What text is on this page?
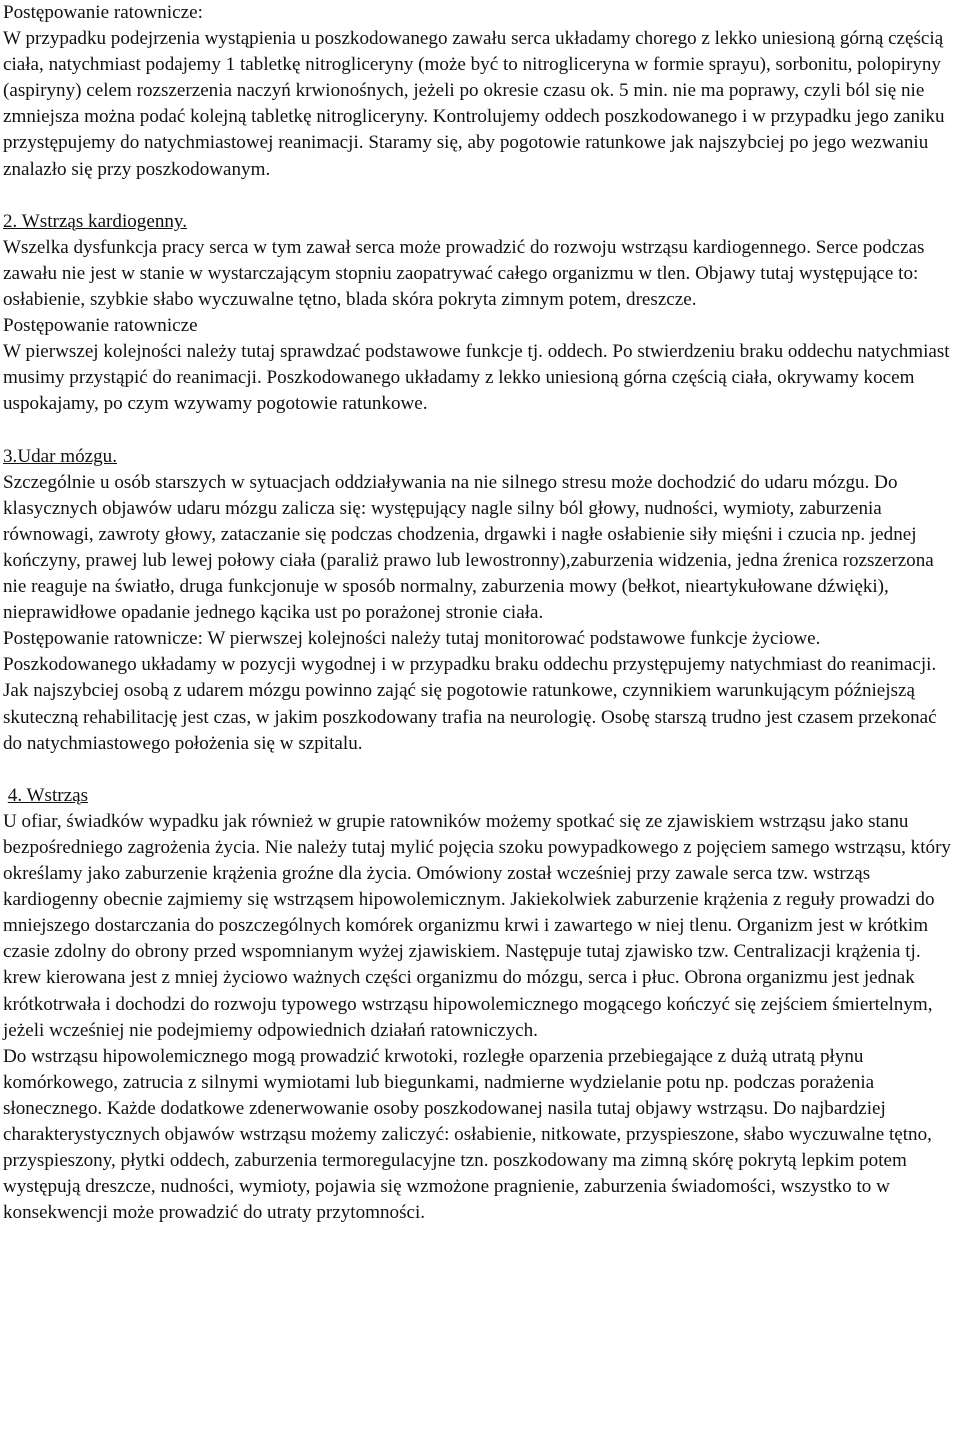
Postępowanie ratownicze:

W przypadku podejrzenia wystąpienia u poszkodowanego zawału serca układamy chorego z lekko uniesioną górną częścią ciała, natychmiast podajemy 1 tabletkę nitrogliceryny (może być to nitrogliceryna w formie sprayu), sorbonitu, polopiryny (aspiryny) celem rozszerzenia naczyń krwionośnych, jeżeli po okresie czasu ok. 5 min. nie ma poprawy, czyli ból się nie zmniejsza można podać kolejną tabletkę nitrogliceryny. Kontrolujemy oddech poszkodowanego i w przypadku jego zaniku przystępujemy do natychmiastowej reanimacji. Staramy się, aby pogotowie ratunkowe jak najszybciej po jego wezwaniu znalazło się przy poszkodowanym.

2. Wstrząs kardiogenny.

Wszelka dysfunkcja pracy serca w tym zawał serca może prowadzić do rozwoju wstrząsu kardiogennego. Serce podczas zawału nie jest w stanie w wystarczającym stopniu zaopatrywać całego organizmu w tlen. Objawy tutaj występujące to: osłabienie, szybkie słabo wyczuwalne tętno, blada skóra pokryta zimnym potem, dreszcze.

Postępowanie ratownicze

W pierwszej kolejności należy tutaj sprawdzać podstawowe funkcje tj. oddech. Po stwierdzeniu braku oddechu natychmiast musimy przystąpić do reanimacji. Poszkodowanego układamy z lekko uniesioną górna częścią ciała, okrywamy kocem uspokajamy, po czym wzywamy pogotowie ratunkowe.

3.Udar mózgu.

Szczególnie u osób starszych w sytuacjach oddziaływania na nie silnego stresu może dochodzić do udaru mózgu. Do klasycznych objawów udaru mózgu zalicza się: występujący nagle silny ból głowy, nudności, wymioty, zaburzenia równowagi, zawroty głowy, zataczanie się podczas chodzenia, drgawki i nagłe osłabienie siły mięśni i czucia np. jednej kończyny, prawej lub lewej połowy ciała (paraliż prawo lub lewostronny),zaburzenia widzenia, jedna źrenica rozszerzona nie reaguje na światło, druga funkcjonuje w sposób normalny, zaburzenia mowy (bełkot, nieartykułowane dźwięki), nieprawidłowe opadanie jednego kącika ust po porażonej stronie ciała.

Postępowanie ratownicze: W pierwszej kolejności należy tutaj monitorować podstawowe funkcje życiowe. Poszkodowanego układamy w pozycji wygodnej i w przypadku braku oddechu przystępujemy natychmiast do reanimacji. Jak najszybciej osobą z udarem mózgu powinno zająć się pogotowie ratunkowe, czynnikiem warunkującym późniejszą skuteczną rehabilitację jest czas, w jakim poszkodowany trafia na neurologię. Osobę starszą trudno jest czasem przekonać do natychmiastowego położenia się w szpitalu.

4. Wstrząs

U ofiar, świadków wypadku jak również w grupie ratowników możemy spotkać się ze zjawiskiem wstrząsu jako stanu bezpośredniego zagrożenia życia. Nie należy tutaj mylić pojęcia szoku powypadkowego z pojęciem samego wstrząsu, który określamy jako zaburzenie krążenia groźne dla życia. Omówiony został wcześniej przy zawale serca tzw. wstrząs kardiogenny obecnie zajmiemy się wstrząsem hipowolemicznym. Jakiekolwiek zaburzenie krążenia z reguły prowadzi do mniejszego dostarczania do poszczególnych komórek organizmu krwi i zawartego w niej tlenu. Organizm jest w krótkim czasie zdolny do obrony przed wspomnianym wyżej zjawiskiem. Następuje tutaj zjawisko tzw. Centralizacji krążenia tj. krew kierowana jest z mniej życiowo ważnych części organizmu do mózgu, serca i płuc. Obrona organizmu jest jednak krótkotrwała i dochodzi do rozwoju typowego wstrząsu hipowolemicznego mogącego kończyć się zejściem śmiertelnym, jeżeli wcześniej nie podejmiemy odpowiednich działań ratowniczych.

Do wstrząsu hipowolemicznego mogą prowadzić krwotoki, rozległe oparzenia przebiegające z dużą utratą płynu komórkowego, zatrucia z silnymi wymiotami lub biegunkami, nadmierne wydzielanie potu np. podczas porażenia słonecznego. Każde dodatkowe zdenerwowanie osoby poszkodowanej nasila tutaj objawy wstrząsu. Do najbardziej charakterystycznych objawów wstrząsu możemy zaliczyć: osłabienie, nitkowate, przyspieszone, słabo wyczuwalne tętno, przyspieszony, płytki oddech, zaburzenia termoregulacyjne tzn. poszkodowany ma zimną skórę pokrytą lepkim potem występują dreszcze, nudności, wymioty, pojawia się wzmożone pragnienie, zaburzenia świadomości, wszystko to w konsekwencji może prowadzić do utraty przytomności.
